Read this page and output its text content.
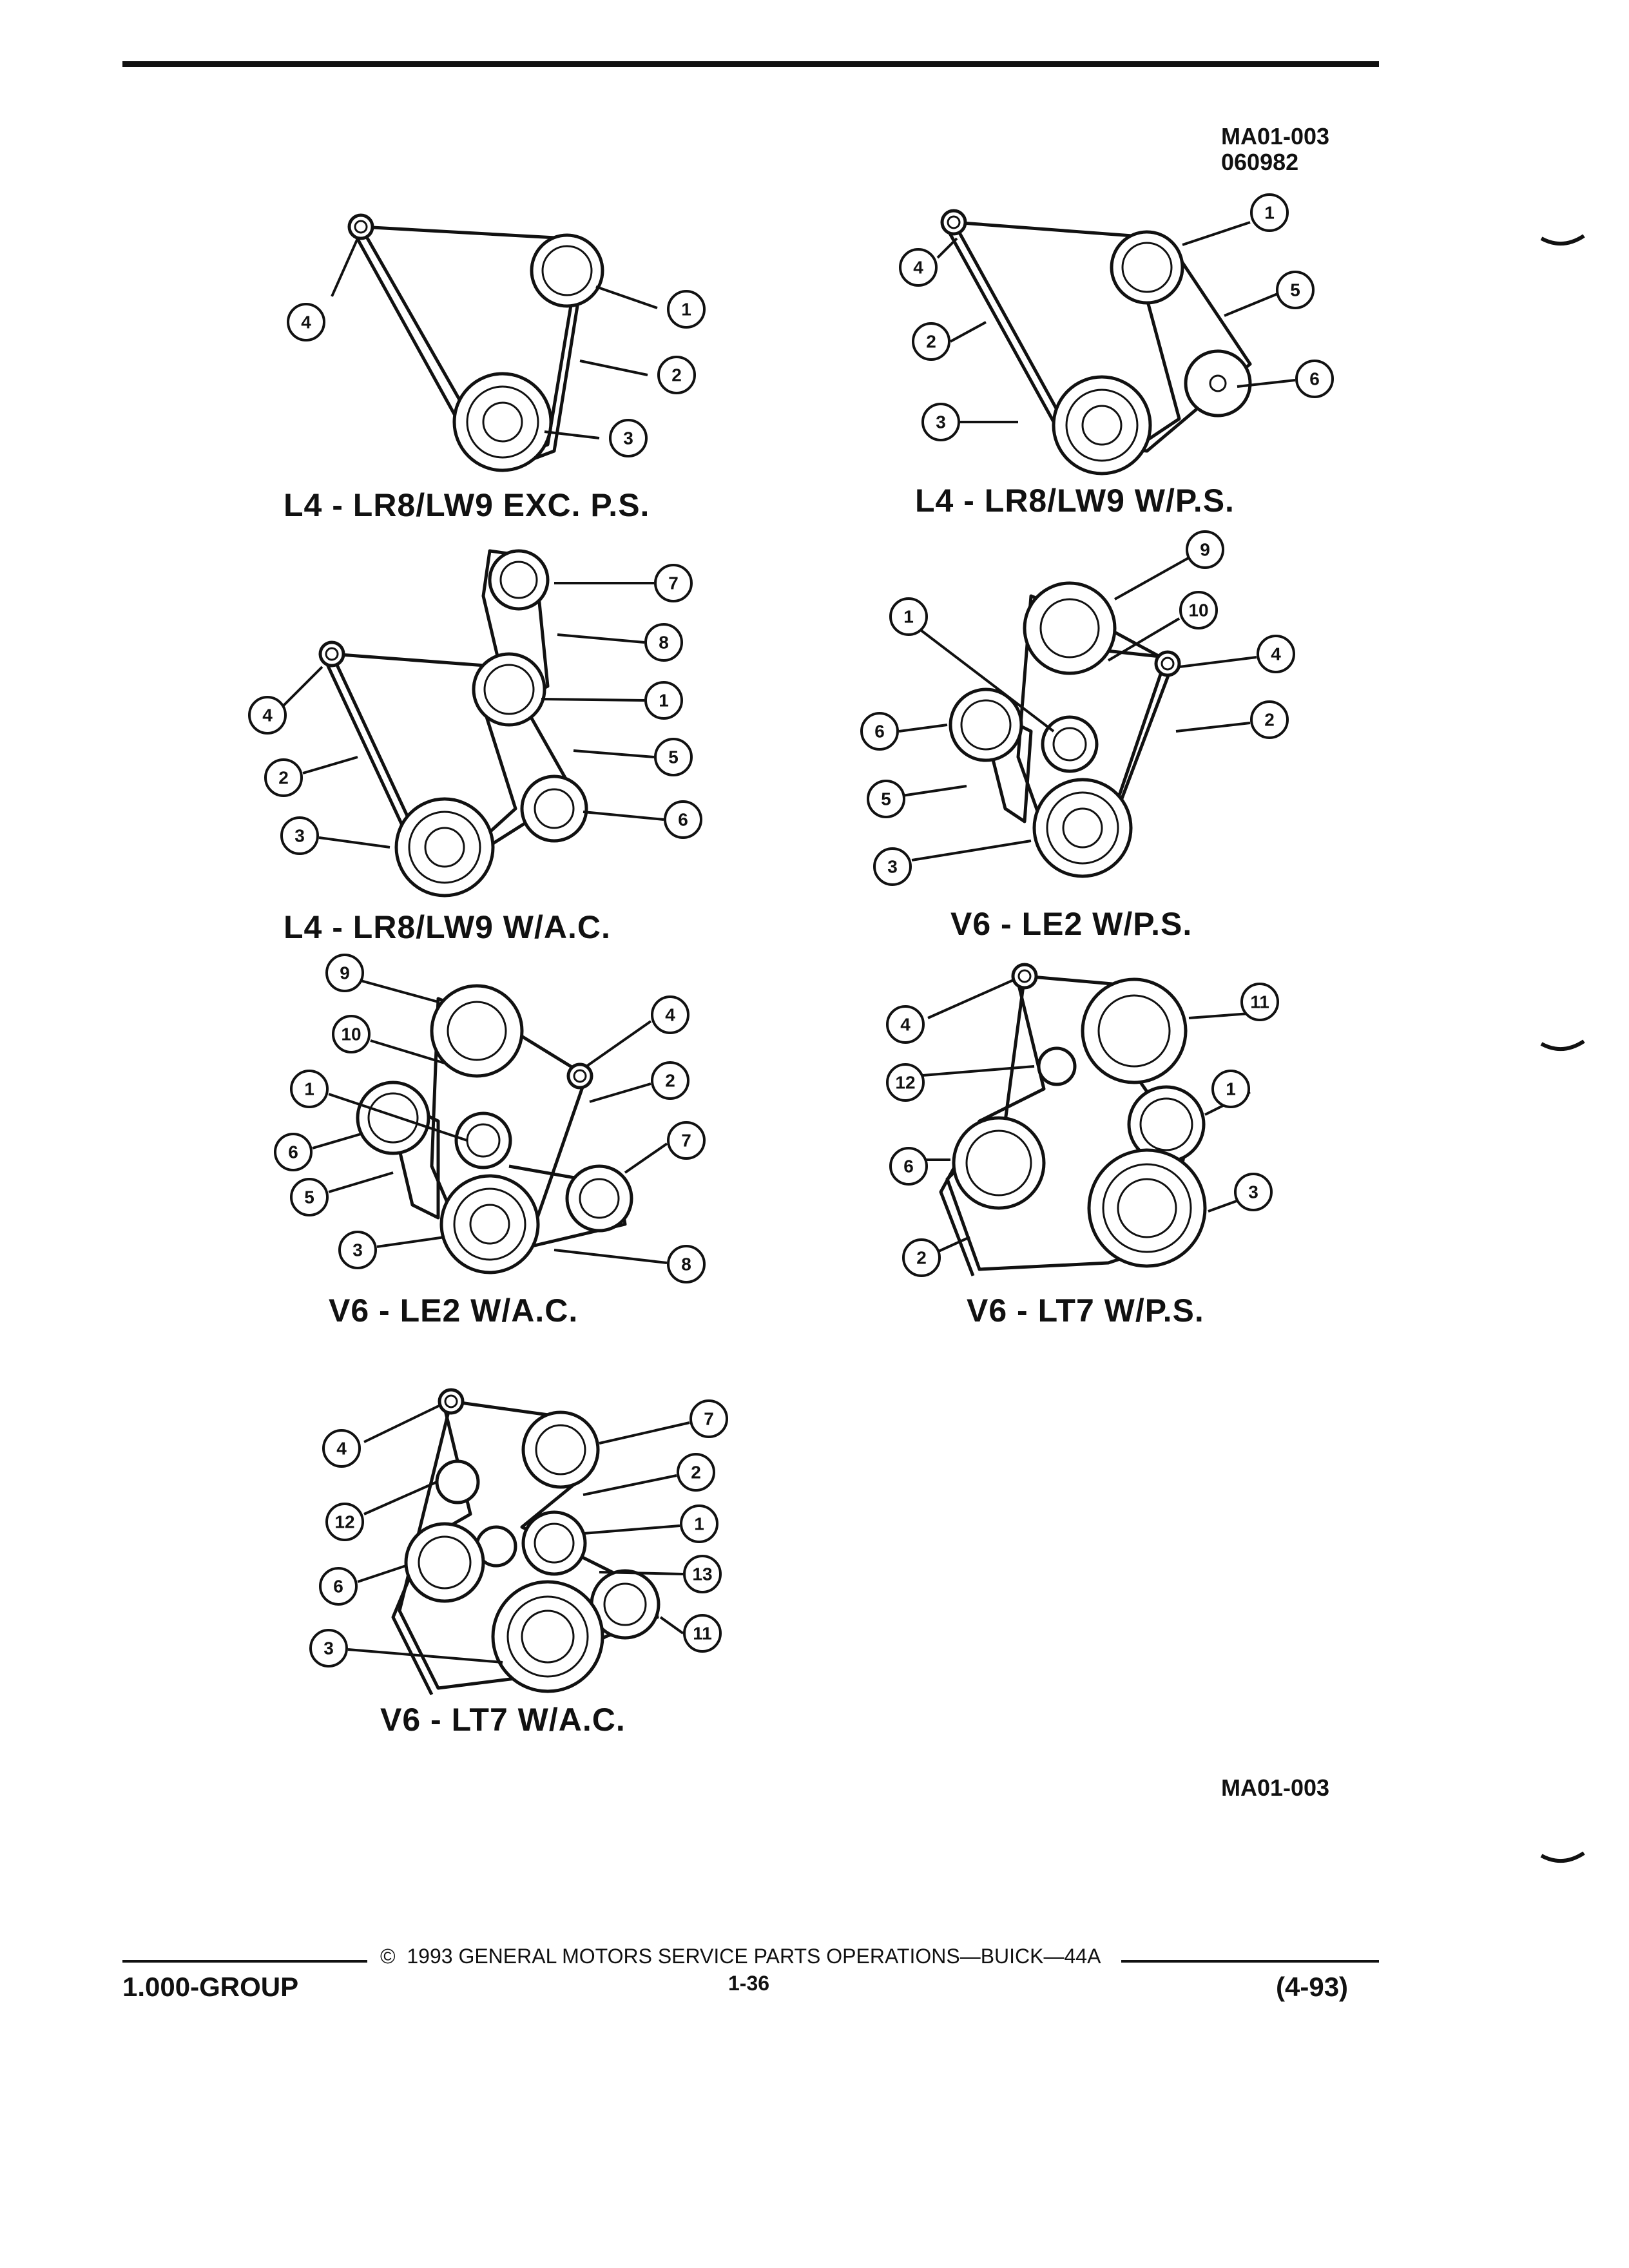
MA01-003
060982
4
1
2
3
L4 - LR8/LW9 EXC. P.S.
4
1
5
6
2
3
L4 - LR8/LW9 W/P.S.
7
8
1
5
6
4
2
3
L4 - LR8/LW9 W/A.C.
9
10
4
2
1
6
5
3
V6 - LE2 W/P.S.
9
10
1
6
5
3
4
2
7
8
V6 - LE2 W/A.C.
4
11
12	1
6
3
2
V6 - LT7 W/P.S.
4
7
2
12	1
13
6
11
3
V6 - LT7 W/A.C.
MA01-003
© 1993 GENERAL MOTORS SERVICE PARTS OPERATIONS—BUICK—44A
1.000-GROUP	1-36	(4-93)
